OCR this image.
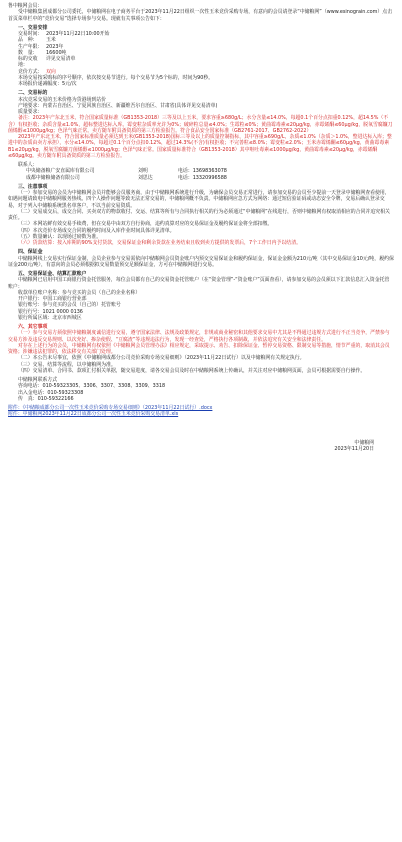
鲁中粮网会员：

受中储粮集团成都分公司委托，中储粮网在电子商务平台于2023年11月22日组织一次性玉米竞价采购专场，有意向的会员请登录“中储粮网”（www.esinograin.com）点击首页菜单栏中的“竞价交易”选择专场参与交易。现就有关事项公告如下：

一、交易安排

交易时间： 2023年11月22日10:00开始
品　种：	玉米
生产年限： 2023年
数　量：	16600吨
标的交收地：
详见交易清单
竞价方式： 双向

本场交易按采购标的序号顺序，依次按交易节进行。每个交易节为5个标的，时间为90秒。

本场报价递减幅度：5元/次

二、交易标的

本次竞采交易的玉米价格为货港场到站价

产地要求：内蒙古自治区、宁夏回族自治区、新疆维吾尔自治区、甘肃省(具体详见交易清单)

质量要求：

备注：2023年产东北玉米，符合国家质量标准（GB1353-2018）三等及以上玉米，要求容重≥680g/L；水分含量≤14.0%，每超0.1个百分点扣重0.12%，超14.5%（不含）有权拒收；杂质含量≤1.0%，超标整进达标入库。霉变粒杂质率允许为0%；破碎粒总量≤4.0%；生霉粒≤0%；黄曲霉毒素≤20μg/kg，赤霉烯酮≤60μg/kg，脱氧雪腐镰刀菌烯醇≤1000μg/kg；色泽气味正常。卖方随车附具备资质的第三方检验报告。符合食品安全国家标准（GB2761-2017、GB2762-2022）

2023年产东北玉米，符合国家标准质量必须达到玉米(GB1353-2018)国标三等及以上的质量控制指标，其中容重≥690g/L，杂质≤1.0%（杂质＞1.0%，整进达标入库；整进中的杂质由卖方承担），水分≤14.0%，每超过0.1个百分点扣0.12%，超过14.3%(不含)有权拒收；不完善粒≤8.0%；霉变粒≤2.0%；玉米赤霉烯酮≤60μg/kg，黄曲霉毒素B1≤20μg/kg，脱氧雪腐镰刀菌烯醇≤1000μg/kg；色泽气味正常。国家质量标准符合（GB1353-2018）其中呕吐毒素≤1000μg/kg，黄曲霉毒素≤20μg/kg，赤霉烯酮≤60μg/kg。卖方随车附具备资质的第三方检验报告。

联系人：

中央储备粮广安直属库有限公司	刘明	电话： 13698363078
成都中储粮储备有限公司	刘思达	电话： 13320996588

三、注意事项

（一）参加交易的会员为中储粮网会员并能够会员服务商，由于中储粮网系统进行升级，为确保会员交易正常进行，请参加交易的会员至少提前一天登录中储粮网查看使用，如遇问题请致电中储粮网服务热线。四个人操作问题等致无法正常交易的，中储粮网概不负责。中储粮网应急方式为网络：通过短信验证码或动态安全令牌，交易后确认登录交易，对于列入中储粮系统黑名单客户，不以当前交易资质。

（二）交易成交后，成交合同、买卖双方的物款收付、交运、结算等所有与合同执行相关的行为必须通过“中储粮网”在线进行，否则中储粮网有权取消相应的合同并追究相关责任。

（三）本网站鲜有效交易手续费，但在交易中由双方自行协商，违约真算对应的交易保证金及履约保证金将全部扣缴。

（四）本次竞价专场成交合同的履约时间及入库作业时间具体详见清单。

（五）数量确认：以现场过磅数为准。

（六）货款结算：按入库期的90%支付货款，交易保证金和剩余货款在业务结束且收到卖方提供的发票后，7个工作日内予以结清。

四、保证金

中储粮网线上交易实行保证金制，会员企业参与交易需依向中储粮网会员资金账户内预交交易保证金和履约保证金，保证金金额为210元/吨（其中交易保证金10元/吨，履约保证金200元/吨），有意向的会员必须根据拟交易数量预交足额保证金，方可在中储粮网进行交易。

五、交易保证金、结算汇款账户

中储粮网已启用中国工商银行资金托管服务，每位会员都有自己的交易资金托管账户（在“资金管理”-“资金账户”页面查看），请参加交易的会员须以下汇款信息汇入资金托管账户：

收款单位账户名称： 参与竞买的会员（自己的企业名称）
开户银行： 中国工商银行营业部
银行账号： 参与竞买的会员（自己的）托管账号
银行行号： 1021 0000 0136
银行所属区域： 北京市西城区

六、其它事项

（一）参与交易方须依照中储粮制度诚信进行交易，遵守国家法律、法规及政策规定，非规或商业秘密和其他要求交易中尤其是不得通过违规方式进行不正当竞争，严禁参与交易方涉及违反交易规则、以次充好、掺杂使假、“豆腐渣”等违规违法行为，发现一经查处，严格执行各项制裁，并依法追究有关安全和法律责任。

对存在上述行为的会员，中储粮网有权依照《中储粮网会员管理办法》相应规定，采取提示、劝告、扣除保证金、暂停交易资格、限制交易等措施，情节严重的，取消其会员资格；涉嫌违法犯罪的，依法移交有关部门处理。

（二）本公告未尽事宜，依照《中储粮网成都分公司竞价采购专场交易细则》（2023年11月22日试行）以及中储粮网有关规定执行。

（三）交易、结算等流程，以中储粮网为准。

（四）交易清单、合同书、款项汇付相关单据，随交易进度，请各交易会员及时在中储粮网系统上传确认，并关注对应中储粮网页面，会员可根据需要自行操作。

中储粮网联系方式

咨询电话：010-59323305、3306、3307、3308、3309、3318

出入金电话：010-59323308

传　真：010-59322166

附件：《中储粮成都分公司一次性玉米竞价采购专场交易细则》（2023年11月22日试行）.docx

附件：中储粮网2023年11月22日成都分公司一次性玉米竞价采购交易清单.xls

中储粮网

2023年11月20日
